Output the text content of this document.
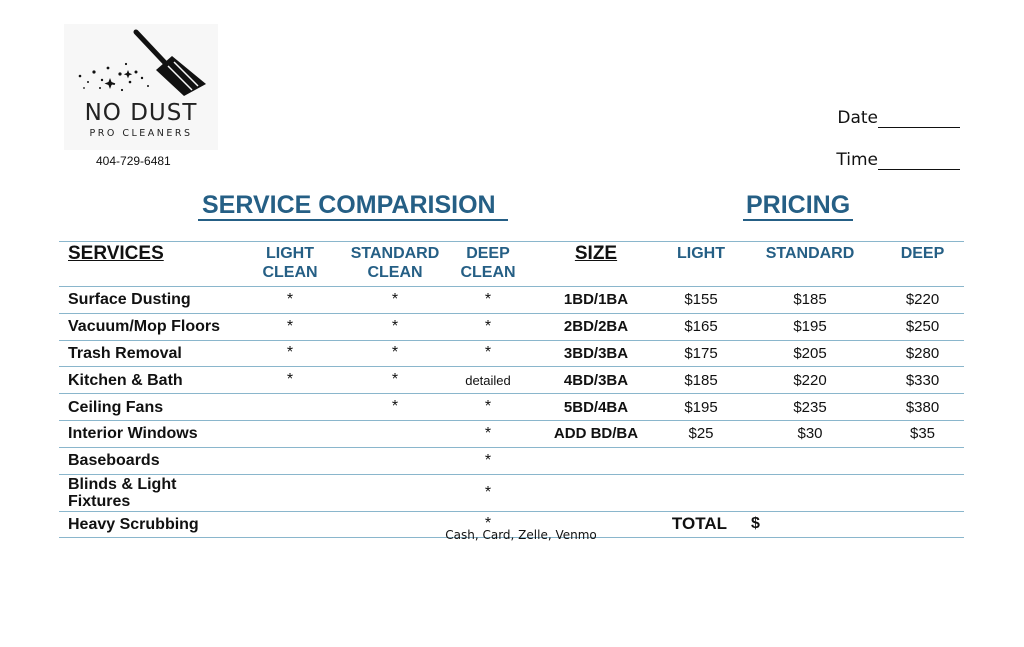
NO DUST
PRO CLEANERS
404-729-6481
Date
Time
SERVICE COMPARISION	PRICING
SERVICES	LIGHT CLEAN	STANDARD CLEAN	DEEP CLEAN	SIZE	LIGHT	STANDARD	DEEP
Surface Dusting	*	*	*	1BD/1BA	$155	$185	$220
Vacuum/Mop Floors	*	*	*	2BD/2BA	$165	$195	$250
Trash Removal	*	*	*	3BD/3BA	$175	$205	$280
Kitchen & Bath	*	*	detailed	4BD/3BA	$185	$220	$330
Ceiling Fans		*	*	5BD/4BA	$195	$235	$380
Interior Windows			*	ADD BD/BA	$25	$30	$35
Baseboards			*				
Blinds & Light Fixtures			*				
Heavy Scrubbing			*		TOTAL	$	
Cash, Card, Zelle, Venmo
